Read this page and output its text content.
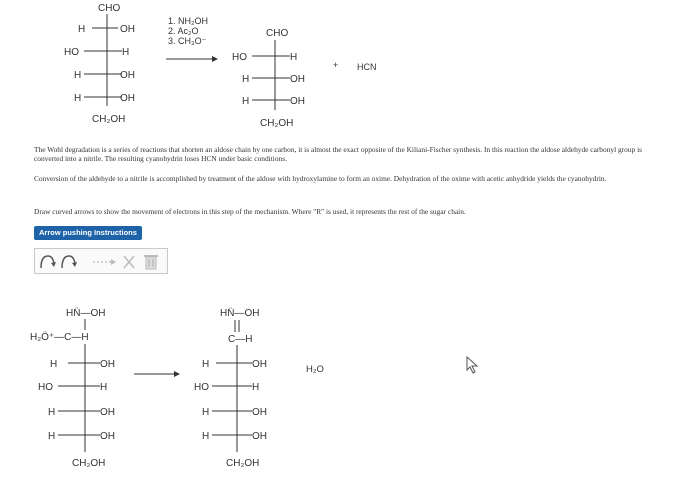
CHO
H	OH
HO	H
H	OH
H	OH
CH₂OH
1. NH₂OH
2. Ac₂O
3. CH₃O⁻
CHO
HO	H
H	OH
H	OH
CH₂OH
+ HCN
The Wohl degradation is a series of reactions that shorten an aldose chain by one carbon, it is almost the exact opposite of the Kiliani-Fischer synthesis. In this reaction the aldose aldehyde carbonyl group is converted into a nitrile. The resulting cyanohydrin loses HCN under basic conditions.
Conversion of the aldehyde to a nitrile is accomplished by treatment of the aldose with hydroxylamine to form an oxime. Dehydration of the oxime with acetic anhydride yields the cyanohydrin.
Draw curved arrows to show the movement of electrons in this step of the mechanism. Where "R" is used, it represents the rest of the sugar chain.
Arrow pushing Instructions
HN̈—OH
H₂Ö⁺—C—H
H	OH
HO	H
H	OH
H	OH
CH₂OH
HN̈—OH
C—H
H	OH
HO	H
H	OH
H	OH
CH₂OH
H₂O
